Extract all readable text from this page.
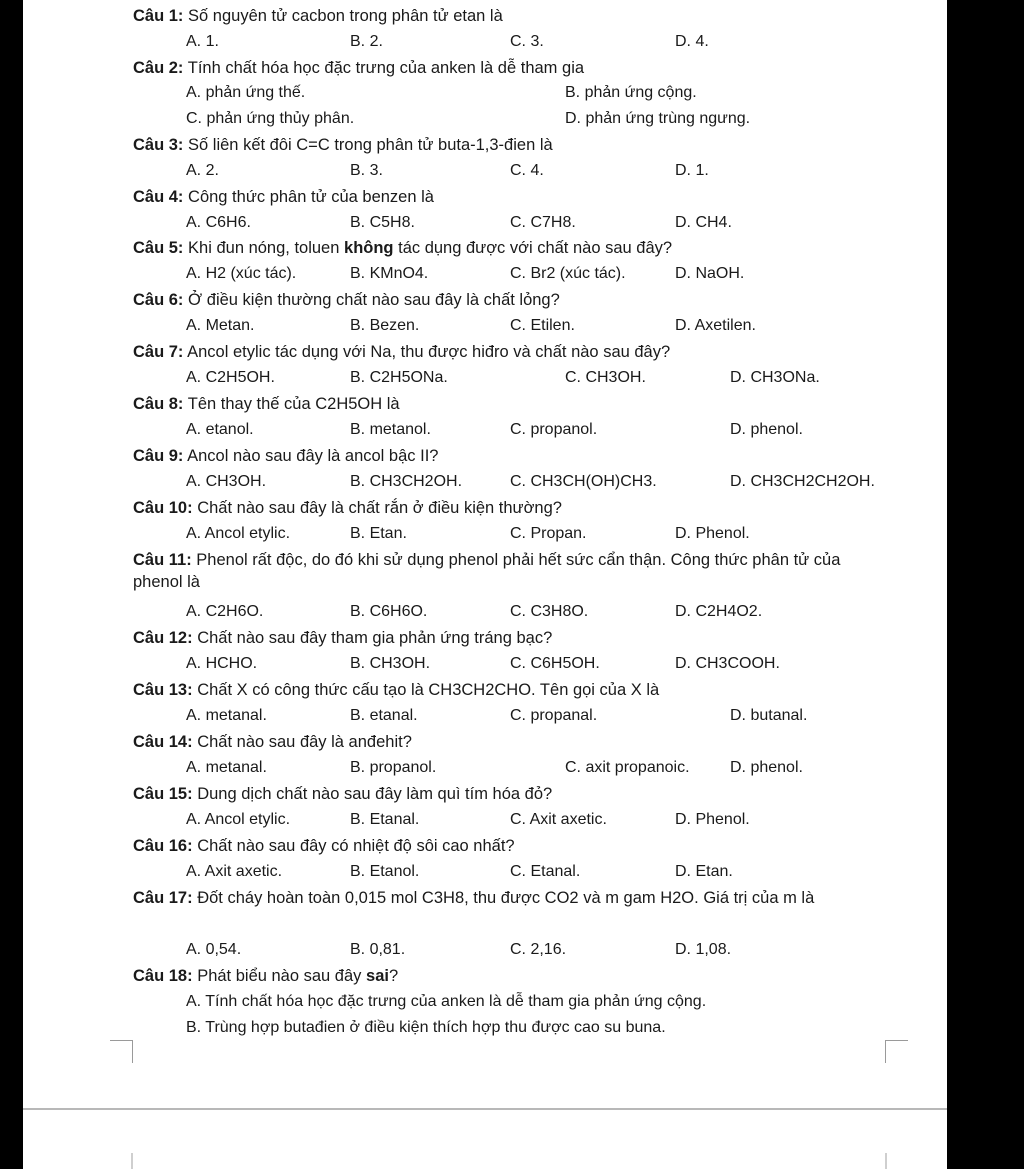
Câu 1: Số nguyên tử cacbon trong phân tử etan là
A. 1.	B. 2.	C. 3.	D. 4.
Câu 2: Tính chất hóa học đặc trưng của anken là dễ tham gia
A. phản ứng thế.	B. phản ứng cộng.
C. phản ứng thủy phân.	D. phản ứng trùng ngưng.
Câu 3: Số liên kết đôi C=C trong phân tử buta-1,3-đien là
A. 2.	B. 3.	C. 4.	D. 1.
Câu 4: Công thức phân tử của benzen là
A. C6H6.	B. C5H8.	C. C7H8.	D. CH4.
Câu 5: Khi đun nóng, toluen không tác dụng được với chất nào sau đây?
A. H2 (xúc tác).	B. KMnO4.	C. Br2 (xúc tác).	D. NaOH.
Câu 6: Ở điều kiện thường chất nào sau đây là chất lỏng?
A. Metan.	B. Bezen.	C. Etilen.	D. Axetilen.
Câu 7: Ancol etylic tác dụng với Na, thu được hiđro và chất nào sau đây?
A. C2H5OH.	B. C2H5ONa.	C. CH3OH.	D. CH3ONa.
Câu 8: Tên thay thế của C2H5OH là
A. etanol.	B. metanol.	C. propanol.	D. phenol.
Câu 9: Ancol nào sau đây là ancol bậc II?
A. CH3OH.	B. CH3CH2OH.	C. CH3CH(OH)CH3.	D. CH3CH2CH2OH.
Câu 10: Chất nào sau đây là chất rắn ở điều kiện thường?
A. Ancol etylic.	B. Etan.	C. Propan.	D. Phenol.
Câu 11: Phenol rất độc, do đó khi sử dụng phenol phải hết sức cẩn thận. Công thức phân tử của phenol là
A. C2H6O.	B. C6H6O.	C. C3H8O.	D. C2H4O2.
Câu 12: Chất nào sau đây tham gia phản ứng tráng bạc?
A. HCHO.	B. CH3OH.	C. C6H5OH.	D. CH3COOH.
Câu 13: Chất X có công thức cấu tạo là CH3CH2CHO. Tên gọi của X là
A. metanal.	B. etanal.	C. propanal.	D. butanal.
Câu 14: Chất nào sau đây là anđehit?
A. metanal.	B. propanol.	C. axit propanoic.	D. phenol.
Câu 15: Dung dịch chất nào sau đây làm quì tím hóa đỏ?
A. Ancol etylic.	B. Etanal.	C. Axit axetic.	D. Phenol.
Câu 16: Chất nào sau đây có nhiệt độ sôi cao nhất?
A. Axit axetic.	B. Etanol.	C. Etanal.	D. Etan.
Câu 17: Đốt cháy hoàn toàn 0,015 mol C3H8, thu được CO2 và m gam H2O. Giá trị của m là
A. 0,54.	B. 0,81.	C. 2,16.	D. 1,08.
Câu 18: Phát biểu nào sau đây sai?
A. Tính chất hóa học đặc trưng của anken là dễ tham gia phản ứng cộng.
B. Trùng hợp butađien ở điều kiện thích hợp thu được cao su buna.
